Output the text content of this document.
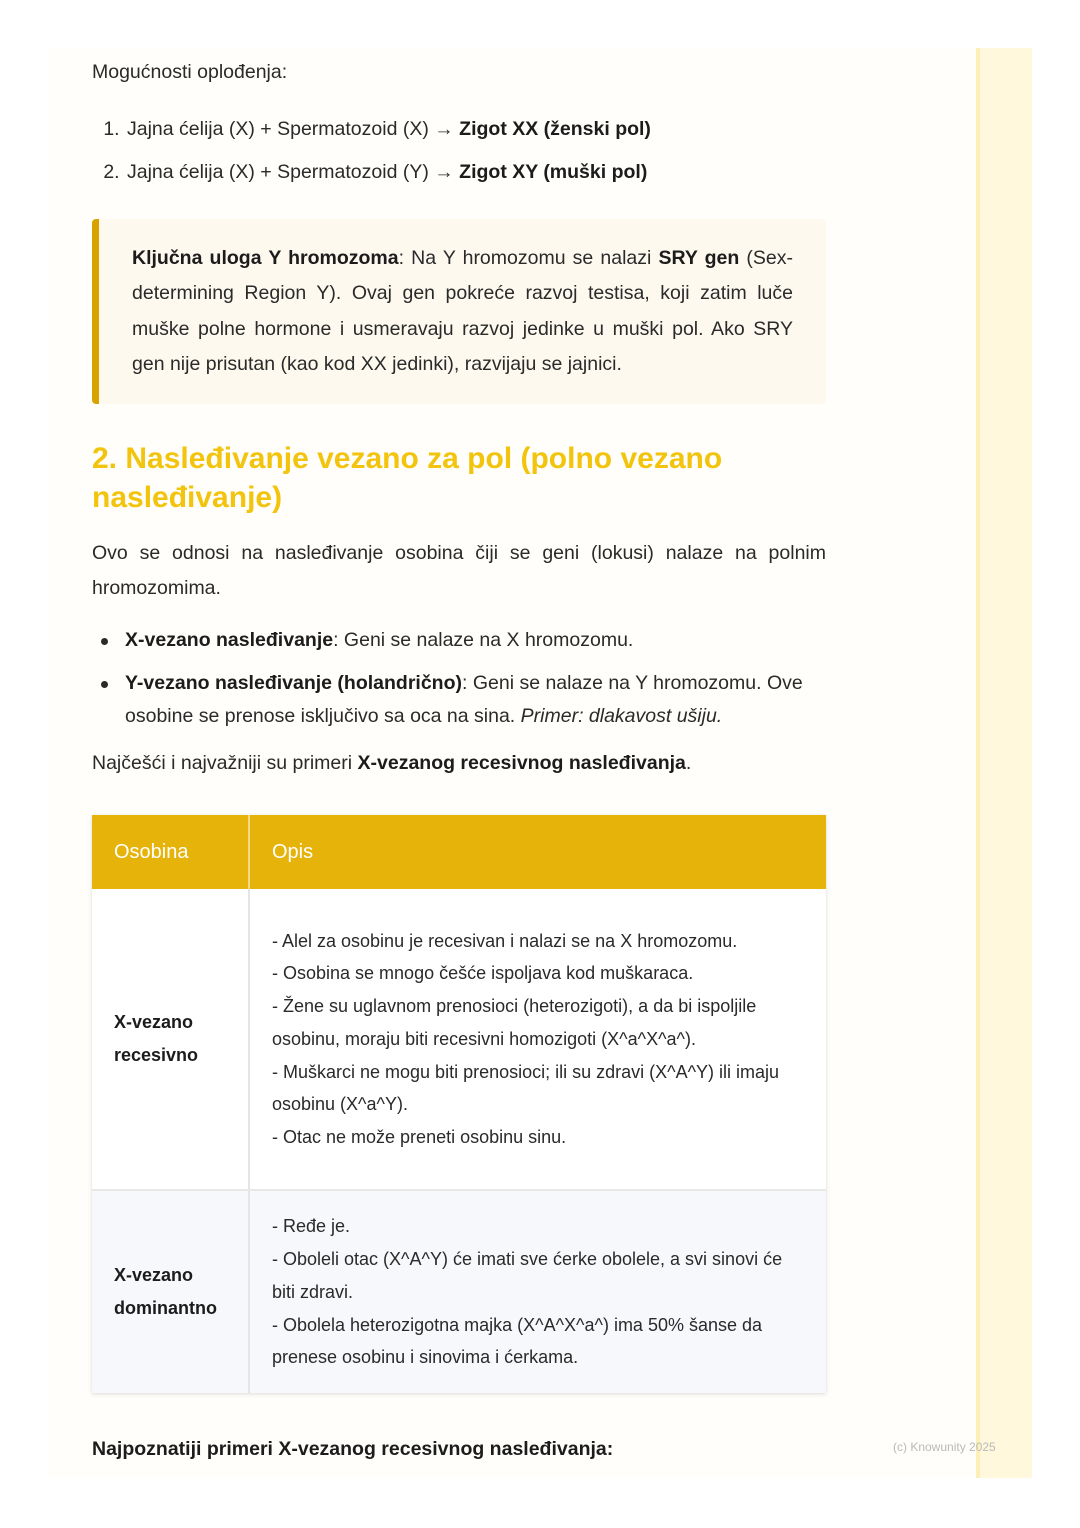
Mogućnosti oplođenja:

1. Jajna ćelija (X) + Spermatozoid (X) → Zigot XX (ženski pol)
2. Jajna ćelija (X) + Spermatozoid (Y) → Zigot XY (muški pol)

Ključna uloga Y hromozoma: Na Y hromozomu se nalazi SRY gen (Sex-determining Region Y). Ovaj gen pokreće razvoj testisa, koji zatim luče muške polne hormone i usmeravaju razvoj jedinke u muški pol. Ako SRY gen nije prisutan (kao kod XX jedinki), razvijaju se jajnici.

2. Nasleđivanje vezano za pol (polno vezano nasleđivanje)

Ovo se odnosi na nasleđivanje osobina čiji se geni (lokusi) nalaze na polnim hromozomima.

X-vezano nasleđivanje: Geni se nalaze na X hromozomu.
Y-vezano nasleđivanje (holandrično): Geni se nalaze na Y hromozomu. Ove osobine se prenose isključivo sa oca na sina. Primer: dlakavost ušiju.

Najčešći i najvažniji su primeri X-vezanog recesivnog nasleđivanja.

Osobina	Opis
X-vezano recesivno	- Alel za osobinu je recesivan i nalazi se na X hromozomu.
- Osobina se mnogo češće ispoljava kod muškaraca.
- Žene su uglavnom prenosioci (heterozigoti), a da bi ispoljile osobinu, moraju biti recesivni homozigoti (X^a^X^a^).
- Muškarci ne mogu biti prenosioci; ili su zdravi (X^A^Y) ili imaju osobinu (X^a^Y).
- Otac ne može preneti osobinu sinu.

X-vezano dominantno	- Ređe je.
- Oboleli otac (X^A^Y) će imati sve ćerke obolele, a svi sinovi će biti zdravi.
- Obolela heterozigotna majka (X^A^X^a^) ima 50% šanse da prenese osobinu i sinovima i ćerkama.

Najpoznatiji primeri X-vezanog recesivnog nasleđivanja:	(c) Knowunity 2025
